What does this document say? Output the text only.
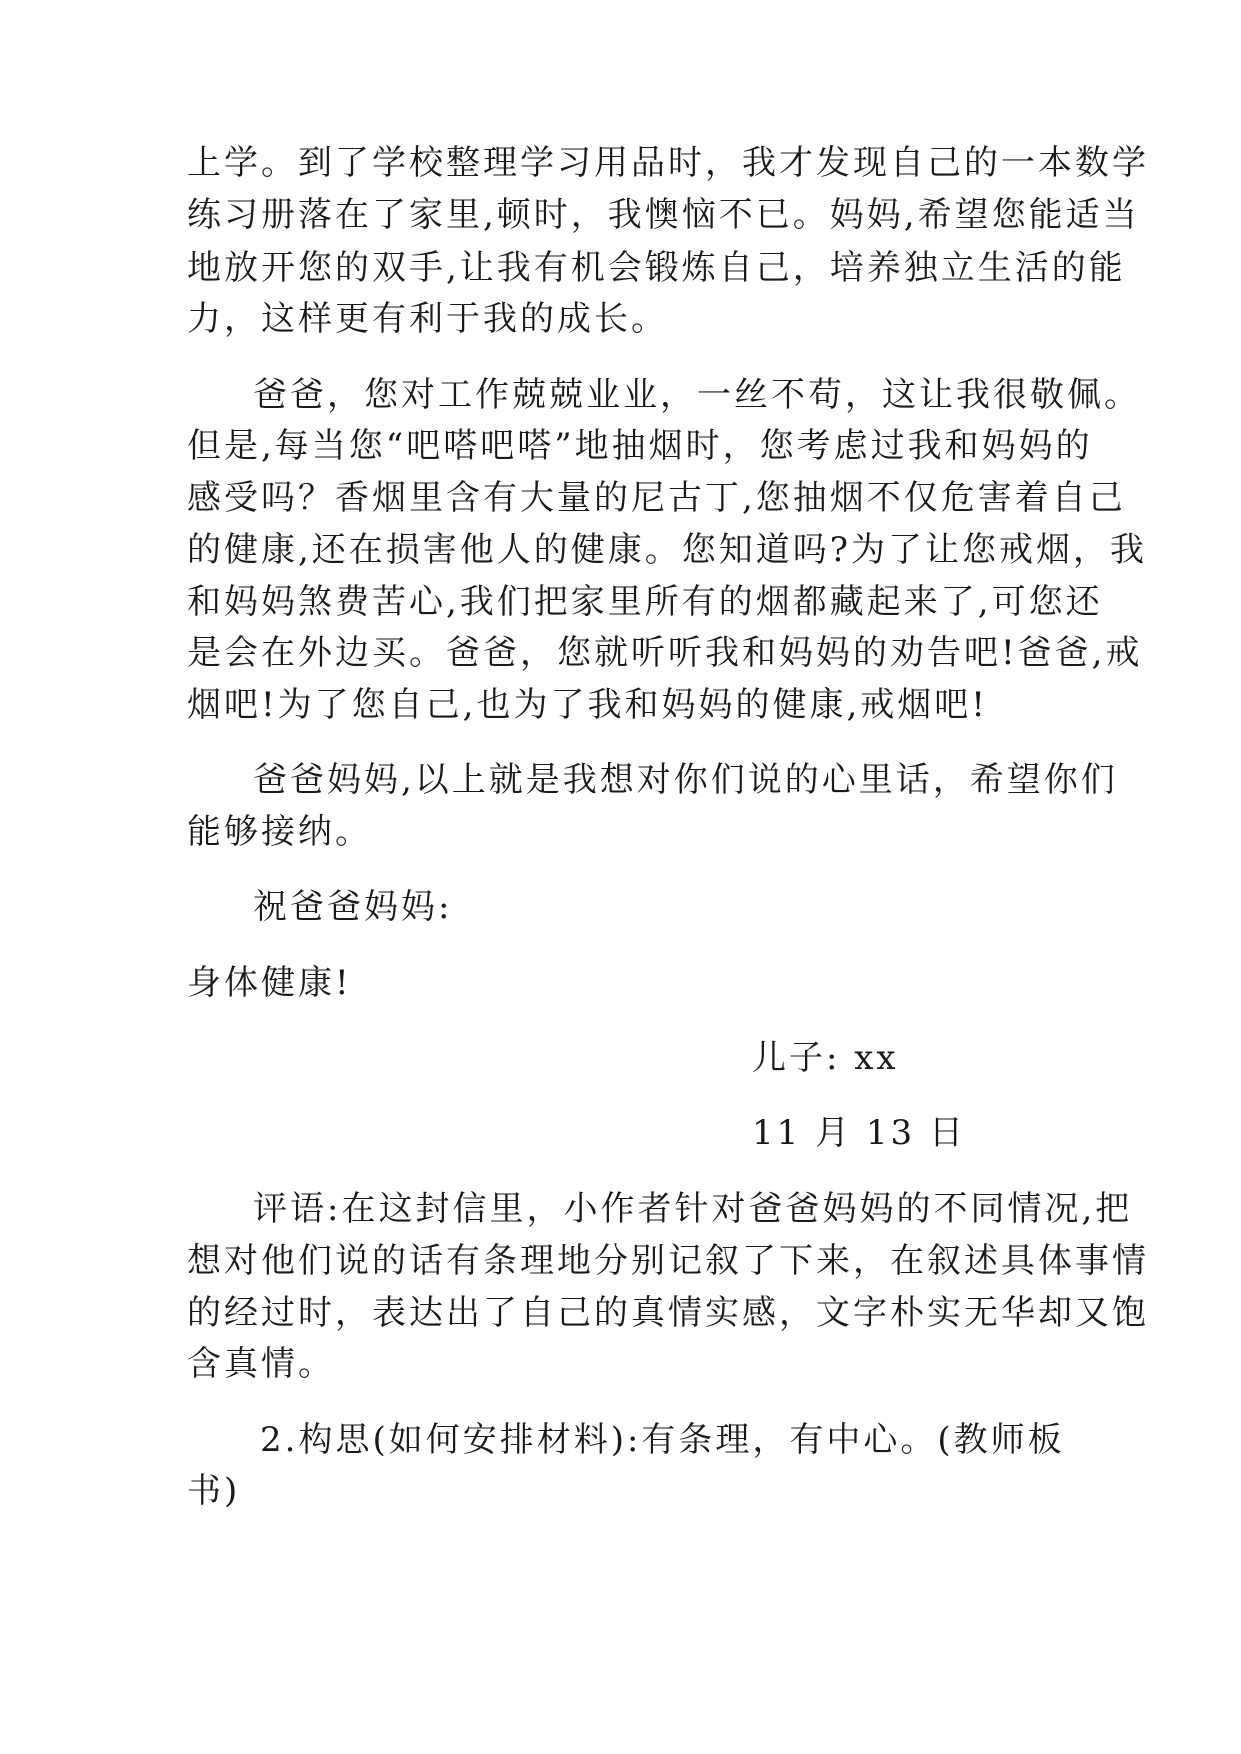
上学。到了学校整理学习用品时，我才发现自己的一本数学

练习册落在了家里,顿时，我懊恼不已。妈妈,希望您能适当

地放开您的双手,让我有机会锻炼自己，培养独立生活的能

力，这样更有利于我的成长。

爸爸，您对工作兢兢业业，一丝不苟，这让我很敬佩。

但是,每当您“吧嗒吧嗒”地抽烟时，您考虑过我和妈妈的

感受吗？香烟里含有大量的尼古丁,您抽烟不仅危害着自己

的健康,还在损害他人的健康。您知道吗?为了让您戒烟，我

和妈妈煞费苦心,我们把家里所有的烟都藏起来了,可您还

是会在外边买。爸爸，您就听听我和妈妈的劝告吧!爸爸,戒

烟吧!为了您自己,也为了我和妈妈的健康,戒烟吧!

爸爸妈妈,以上就是我想对你们说的心里话，希望你们

能够接纳。

祝爸爸妈妈:

身体健康!

儿子: xx

11 月 13 日

评语:在这封信里，小作者针对爸爸妈妈的不同情况,把

想对他们说的话有条理地分别记叙了下来，在叙述具体事情

的经过时，表达出了自己的真情实感，文字朴实无华却又饱

含真情。

2.构思(如何安排材料):有条理，有中心。(教师板

书)
